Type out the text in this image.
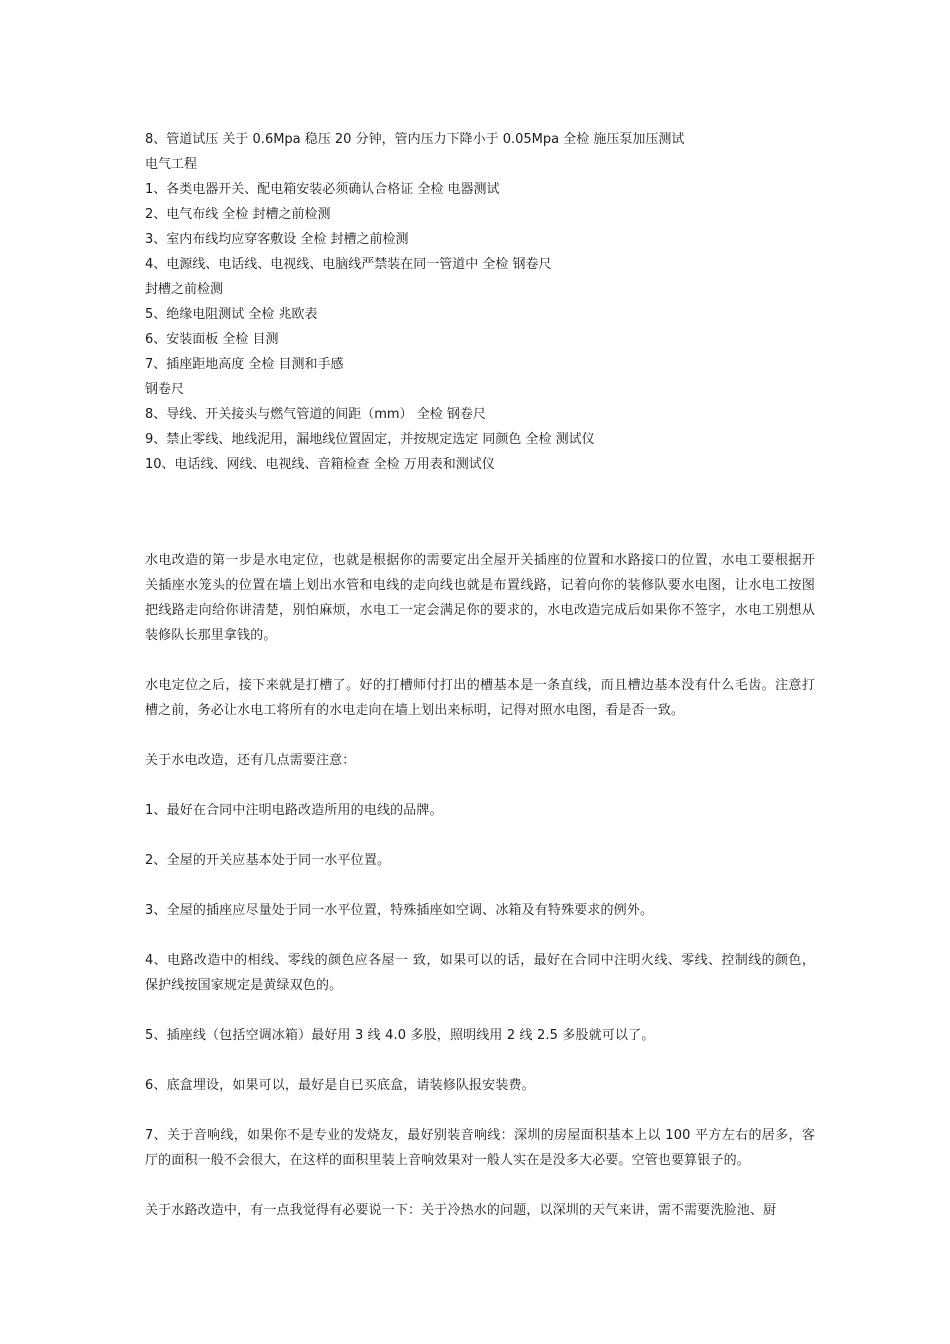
8、管道试压 关于 0.6Mpa 稳压 20 分钟，管内压力下降小于 0.05Mpa 全检 施压泵加压测试
电气工程
1、各类电器开关、配电箱安装必须确认合格证 全检 电器测试
2、电气布线 全检 封槽之前检测
3、室内布线均应穿客敷设 全检 封槽之前检测
4、电源线、电话线、电视线、电脑线严禁装在同一管道中 全检 钢卷尺
封槽之前检测
5、绝缘电阻测试 全检 兆欧表
6、安装面板 全检 目测
7、插座距地高度 全检 目测和手感
钢卷尺
8、导线、开关接头与燃气管道的间距（mm） 全检 钢卷尺
9、禁止零线、地线泥用，漏地线位置固定，并按规定选定 同颜色 全检 测试仪
10、电话线、网线、电视线、音箱检查 全检 万用表和测试仪

水电改造的第一步是水电定位，也就是根据你的需要定出全屋开关插座的位置和水路接口的位置，水电工要根据开关插座水笼头的位置在墙上划出水管和电线的走向线也就是布置线路，记着向你的装修队要水电图，让水电工按图把线路走向给你讲清楚，别怕麻烦，水电工一定会满足你的要求的，水电改造完成后如果你不签字，水电工别想从装修队长那里拿钱的。

水电定位之后，接下来就是打槽了。好的打槽师付打出的槽基本是一条直线，而且槽边基本没有什么毛齿。注意打槽之前，务必让水电工将所有的水电走向在墙上划出来标明，记得对照水电图，看是否一致。

关于水电改造，还有几点需要注意：

1、最好在合同中注明电路改造所用的电线的品牌。

2、全屋的开关应基本处于同一水平位置。

3、全屋的插座应尽量处于同一水平位置，特殊插座如空调、冰箱及有特殊要求的例外。

4、电路改造中的相线、零线的颜色应各屋一 致，如果可以的话，最好在合同中注明火线、零线、控制线的颜色，保护线按国家规定是黄绿双色的。

5、插座线（包括空调冰箱）最好用 3 线 4.0 多股，照明线用 2 线 2.5 多股就可以了。

6、底盒埋设，如果可以，最好是自已买底盒，请装修队报安装费。

7、关于音响线，如果你不是专业的发烧友，最好别装音响线：深圳的房屋面积基本上以 100 平方左右的居多，客厅的面积一般不会很大，在这样的面积里装上音响效果对一般人实在是没多大必要。空管也要算银子的。

关于水路改造中，有一点我觉得有必要说一下：关于冷热水的问题，以深圳的天气来讲，需不需要洗脸池、厨
